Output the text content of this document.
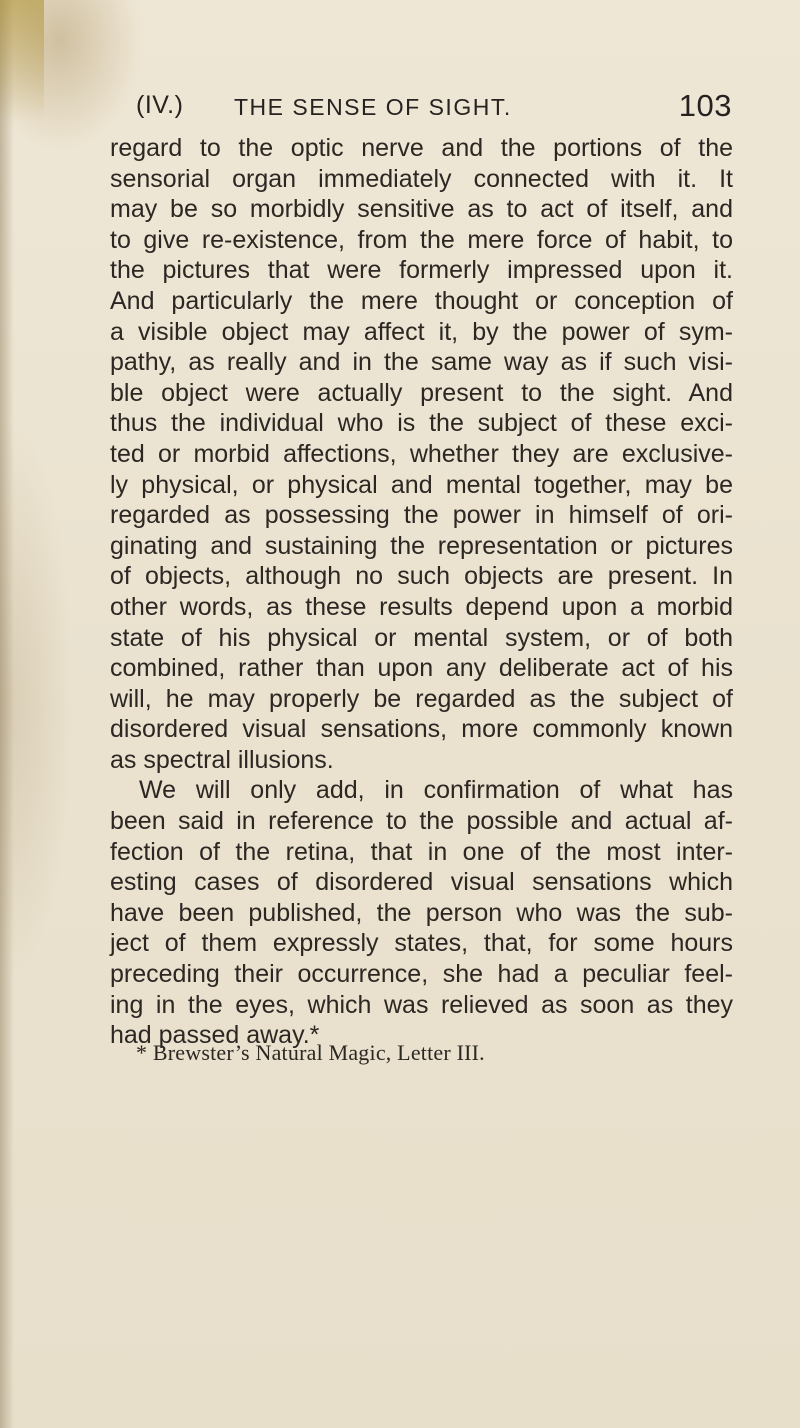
(IV.) THE SENSE OF SIGHT.	103
regard to the optic nerve and the portions of the
sensorial organ immediately connected with it. It
may be so morbidly sensitive as to act of itself, and
to give re-existence, from the mere force of habit, to
the pictures that were formerly impressed upon it.
And particularly the mere thought or conception of
a visible object may affect it, by the power of sym-
pathy, as really and in the same way as if such visi-
ble object were actually present to the sight. And
thus the individual who is the subject of these exci-
ted or morbid affections, whether they are exclusive-
ly physical, or physical and mental together, may be
regarded as possessing the power in himself of ori-
ginating and sustaining the representation or pictures
of objects, although no such objects are present. In
other words, as these results depend upon a morbid
state of his physical or mental system, or of both
combined, rather than upon any deliberate act of his
will, he may properly be regarded as the subject of
disordered visual sensations, more commonly known
as spectral illusions.
We will only add, in confirmation of what has
been said in reference to the possible and actual af-
fection of the retina, that in one of the most inter-
esting cases of disordered visual sensations which
have been published, the person who was the sub-
ject of them expressly states, that, for some hours
preceding their occurrence, she had a peculiar feel-
ing in the eyes, which was relieved as soon as they
had passed away.*
* Brewster’s Natural Magic, Letter III.
